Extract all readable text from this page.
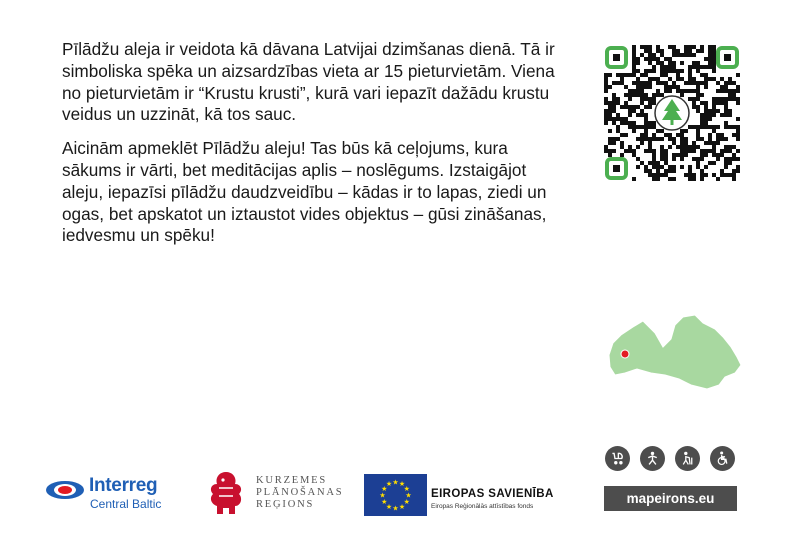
Pīlādžu aleja ir veidota kā dāvana Latvijai dzimšanas dienā. Tā ir simboliska spēka un aizsardzības vieta ar 15 pieturvietām. Viena no pieturvietām ir “Krustu krusti”, kurā vari iepazīt dažādu krustu veidus un uzzināt, kā tos sauc.

Aicinām apmeklēt Pīlādžu aleju! Tas būs kā ceļojums, kura sākums ir vārti, bet meditācijas aplis – noslēgums. Izstaigājot aleju, iepazīsi pīlādžu daudzveidību – kādas ir to lapas, ziedi un ogas, bet apskatot un iztaustot vides objektus – gūsi zināšanas, iedvesmu un spēku!

mapeirons.eu
Interreg
Central Baltic
KURZEMES
PLĀNOŠANAS
REĢIONS
★
★
★
★
★
★
★
★
★ ★ ★
★ EIROPAS SAVIENĪBA
Eiropas Reģionālās attīstības fonds
